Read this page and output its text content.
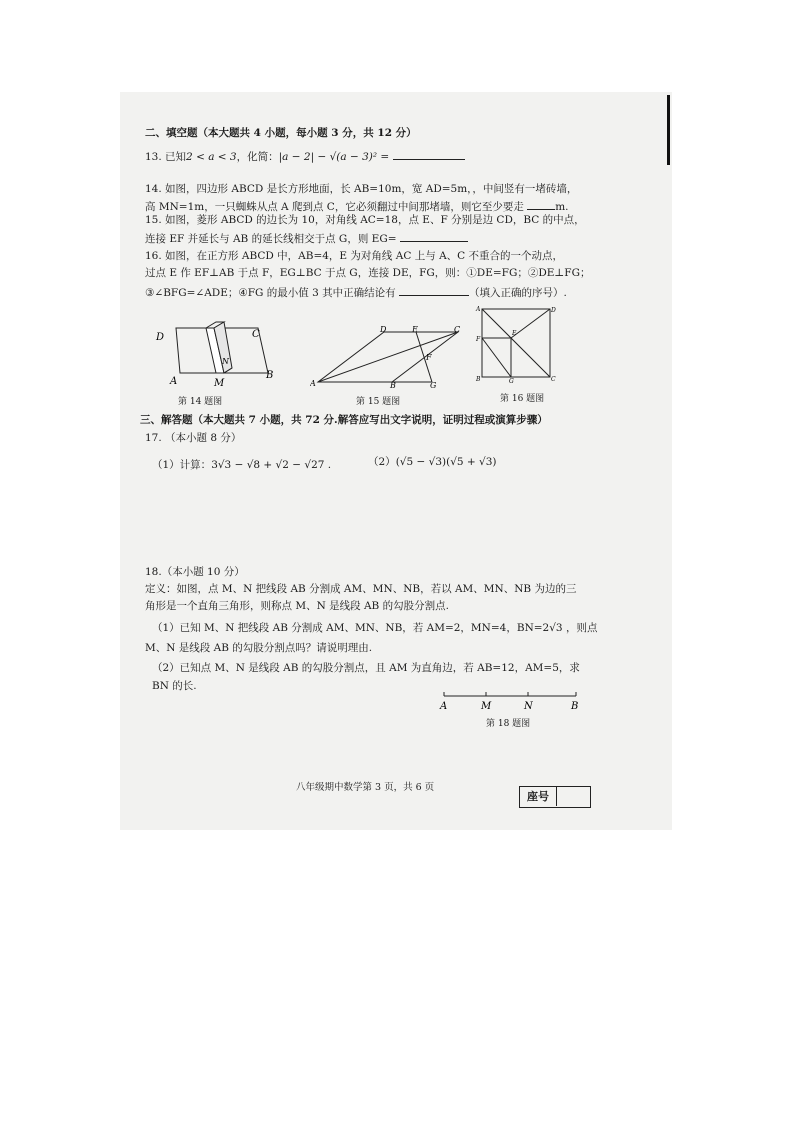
二、填空题（本大题共 4 小题，每小题 3 分，共 12 分）
13. 已知2 < a < 3，化简：|a − 2| − √(a − 3)² =
14. 如图，四边形 ABCD 是长方形地面，长 AB=10m，宽 AD=5m，，中间竖有一堵砖墙，
高 MN=1m，一只蜘蛛从点 A 爬到点 C，它必须翻过中间那堵墙，则它至少要走	m.
15. 如图，菱形 ABCD 的边长为 10，对角线 AC=18，点 E、F 分别是边 CD，BC 的中点，
连接 EF 并延长与 AB 的延长线相交于点 G，则 EG=
16. 如图，在正方形 ABCD 中，AB=4，E 为对角线 AC 上与 A、C 不重合的一个动点，
过点 E 作 EF⊥AB 于点 F，EG⊥BC 于点 G，连接 DE，FG，则：①DE=FG；②DE⊥FG；
③∠BFG=∠ADE；④FG 的最小值 3 其中正确结论有	（填入正确的序号）.
D	C
A
B
M
N
第 14 题图
A	B
C
D	E
F
G
第 15 题图
A	D
B	C
E
F
G
第 16 题图
三、解答题（本大题共 7 小题，共 72 分.解答应写出文字说明，证明过程或演算步骤）
17. （本小题 8 分）
（1）计算：3√3 − √8 + √2 − √27 .	（2）(√5 − √3)(√5 + √3)
18.（本小题 10 分）
定义：如图，点 M、N 把线段 AB 分割成 AM、MN、NB，若以 AM、MN、NB 为边的三
角形是一个直角三角形，则称点 M、N 是线段 AB 的勾股分割点.
（1）已知 M、N 把线段 AB 分割成 AM、MN、NB，若 AM=2，MN=4，BN=2√3 ，则点
M、N 是线段 AB 的勾股分割点吗？请说明理由.
（2）已知点 M、N 是线段 AB 的勾股分割点，且 AM 为直角边，若 AB=12，AM=5，求
BN 的长.
A	M	N	B
第 18 题图
八年级期中数学第 3 页，共 6 页
座号
